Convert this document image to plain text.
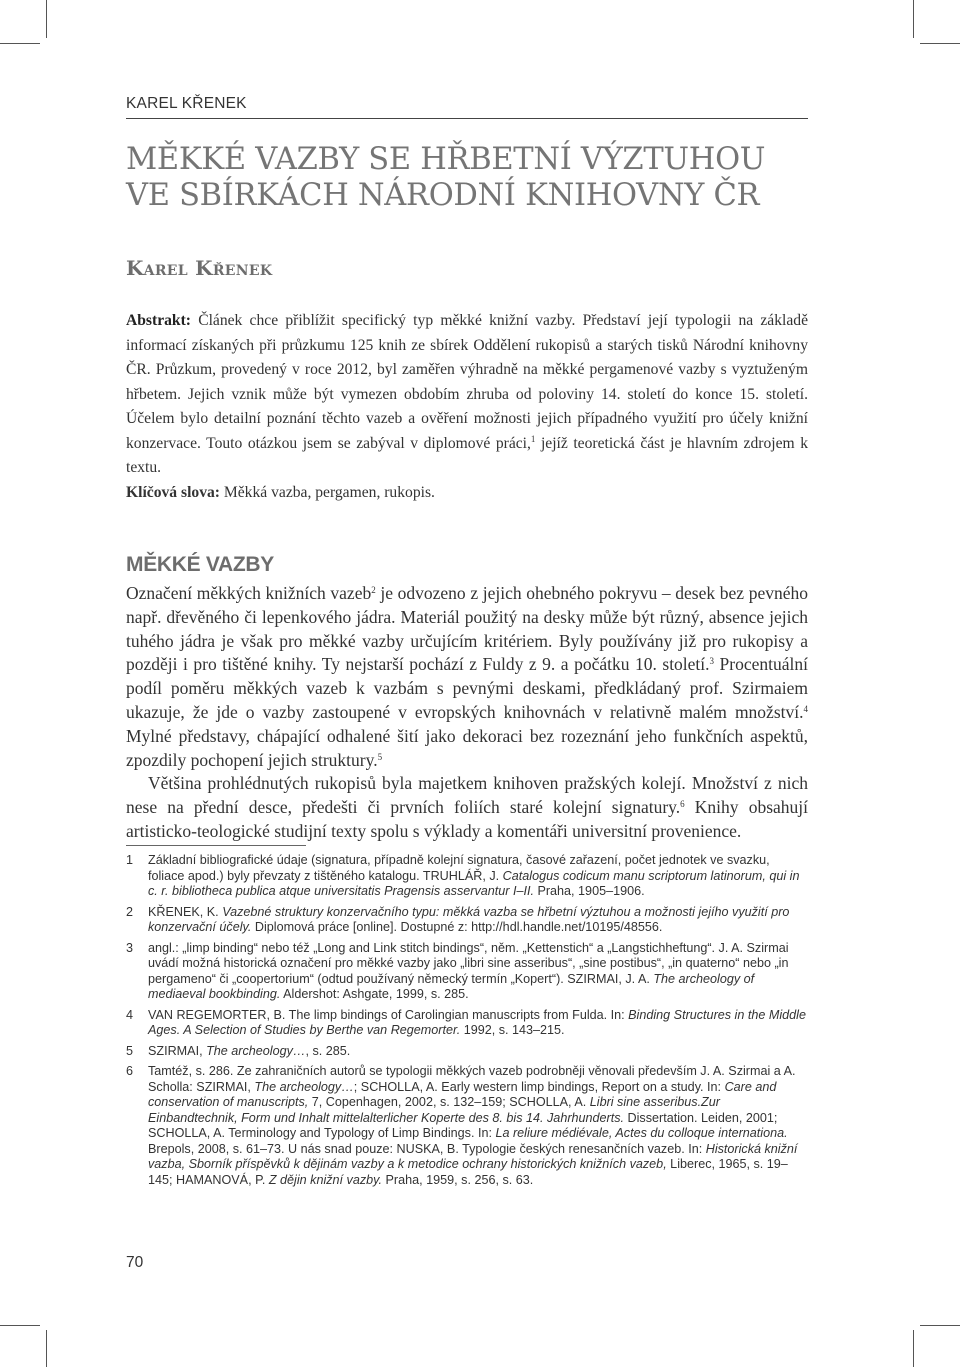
KAREL KŘENEK
MĚKKÉ VAZBY SE HŘBETNÍ VÝZTUHOU
VE SBÍRKÁCH NÁRODNÍ KNIHOVNY ČR
Karel Křenek

Abstrakt: Článek chce přiblížit specifický typ měkké knižní vazby. Představí její typologii na základě informací získaných při průzkumu 125 knih ze sbírek Oddělení rukopisů a starých tisků Národní knihovny ČR. Průzkum, provedený v roce 2012, byl zaměřen výhradně na měkké pergamenové vazby s vyztuženým hřbetem. Jejich vznik může být vymezen obdobím zhruba od poloviny 14. století do konce 15. století. Účelem bylo detailní poznání těchto vazeb a ověření možnosti jejich případného využití pro účely knižní konzervace. Touto otázkou jsem se zabýval v diplomové práci,$^1$ jejíž teoretická část je hlavním zdrojem k textu.

Klíčová slova: Měkká vazba, pergamen, rukopis.

MĚKKÉ VAZBY

Označení měkkých knižních vazeb$^2$ je odvozeno z jejich ohebného pokryvu – desek bez pevného např. dřevěného či lepenkového jádra. Materiál použitý na desky může být různý, absence jejich tuhého jádra je však pro měkké vazby určujícím kritériem. Byly používány již pro rukopisy a později i pro tištěné knihy. Ty nejstarší pochází z Fuldy z 9. a počátku 10. století.$^3$ Procentuální podíl poměru měkkých vazeb k vazbám s pevnými deskami, předkládaný prof. Szirmaiem ukazuje, že jde o vazby zastoupené v evropských knihovnách v relativně malém množství.$^4$ Mylné představy, chápající odhalené šití jako dekoraci bez rozeznání jeho funkčních aspektů, zpozdily pochopení jejich struktury.$^5$

Většina prohlédnutých rukopisů byla majetkem knihoven pražských kolejí. Množství z nich nese na přední desce, předešti či prvních foliích staré kolejní signatury.$^6$ Knihy obsahují artisticko-teologické studijní texty spolu s výklady a komentáři universitní provenience.

1	Základní bibliografické údaje (signatura, případně kolejní signatura, časové zařazení, počet jednotek ve svazku, foliace apod.) byly převzaty z tištěného katalogu. TRUHLÁŘ, J. Catalogus codicum manu scriptorum latinorum, qui in c. r. bibliotheca publica atque universitatis Pragensis asservantur I–II. Praha, 1905–1906.
2	KŘENEK, K. Vazebné struktury konzervačního typu: měkká vazba se hřbetní výztuhou a možnosti jejího využití pro konzervační účely. Diplomová práce [online]. Dostupné z: http://hdl.handle.net/10195/48556.
3	angl.: „limp binding“ nebo též „Long and Link stitch bindings“, něm. „Kettenstich“ a „Langstichheftung“. J. A. Szirmai uvádí možná historická označení pro měkké vazby jako „libri sine asseribus“, „sine postibus“, „in quaterno“ nebo „in pergameno“ či „coopertorium“ (odtud používaný německý termín „Kopert“). SZIRMAI, J. A. The archeology of mediaeval bookbinding. Aldershot: Ashgate, 1999, s. 285.
4	VAN REGEMORTER, B. The limp bindings of Carolingian manuscripts from Fulda. In: Binding Structures in the Middle Ages. A Selection of Studies by Berthe van Regemorter. 1992, s. 143–215.
5	SZIRMAI, The archeology…, s. 285.
6	Tamtéž, s. 286. Ze zahraničních autorů se typologii měkkých vazeb podrobněji věnovali především J. A. Szirmai a A. Scholla: SZIRMAI, The archeology…; SCHOLLA, A. Early western limp bindings, Report on a study. In: Care and conservation of manuscripts, 7, Copenhagen, 2002, s. 132–159; SCHOLLA, A. Libri sine asseribus.Zur Einbandtechnik, Form und Inhalt mittelalterlicher Koperte des 8. bis 14. Jahrhunderts. Dissertation. Leiden, 2001; SCHOLLA, A. Terminology and Typology of Limp Bindings. In: La reliure médiévale, Actes du colloque internationa. Brepols, 2008, s. 61–73. U nás snad pouze: NUSKA, B. Typologie českých renesančních vazeb. In: Historická knižní vazba, Sborník příspěvků k dějinám vazby a k metodice ochrany historických knižních vazeb, Liberec, 1965, s. 19–145; HAMANOVÁ, P. Z dějin knižní vazby. Praha, 1959, s. 256, s. 63.
70
